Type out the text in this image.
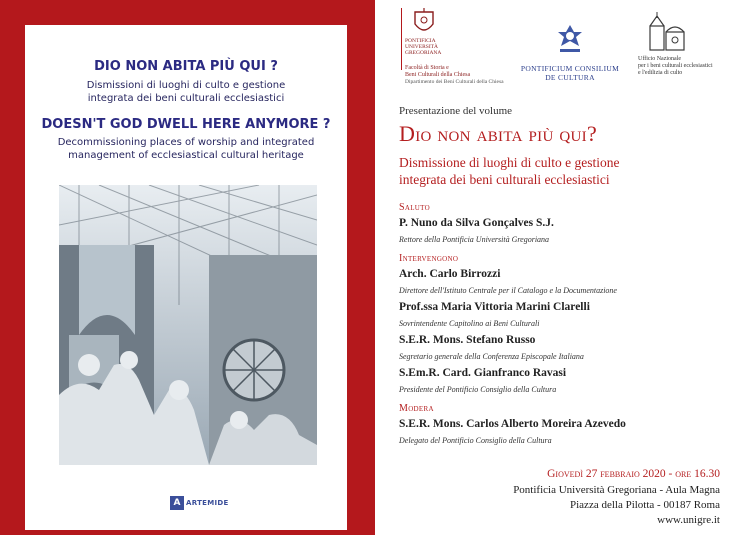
DIO NON ABITA PIÙ QUI ?
Dismissioni di luoghi di culto e gestione
integrata dei beni culturali ecclesiastici
DOESN'T GOD DWELL HERE ANYMORE ?
Decommissioning places of worship and integrated
management of ecclesiastical cultural heritage
A ARTEMIDE
PONTIFICIA
UNIVERSITÀ
GREGORIANA
Facoltà di Storia e
Beni Culturali della Chiesa
Dipartimento dei Beni Culturali della Chiesa
PONTIFICIUM CONSILIUM
DE CULTURA
Ufficio Nazionale
per i beni culturali ecclesiastici
e l'edilizia di culto
Presentazione del volume
Dio non abita più qui?
Dismissione di luoghi di culto e gestione
integrata dei beni culturali ecclesiastici
Saluto
P. Nuno da Silva Gonçalves S.J.
Rettore della Pontificia Università Gregoriana
Intervengono
Arch. Carlo Birrozzi
Direttore dell'Istituto Centrale per il Catalogo e la Documentazione
Prof.ssa Maria Vittoria Marini Clarelli
Sovrintendente Capitolino ai Beni Culturali
S.E.R. Mons. Stefano Russo
Segretario generale della Conferenza Episcopale Italiana
S.Em.R. Card. Gianfranco Ravasi
Presidente del Pontificio Consiglio della Cultura
Modera
S.E.R. Mons. Carlos Alberto Moreira Azevedo
Delegato del Pontificio Consiglio della Cultura
Giovedì 27 febbraio 2020 - ore 16.30
Pontificia Università Gregoriana - Aula Magna
Piazza della Pilotta - 00187 Roma
www.unigre.it
